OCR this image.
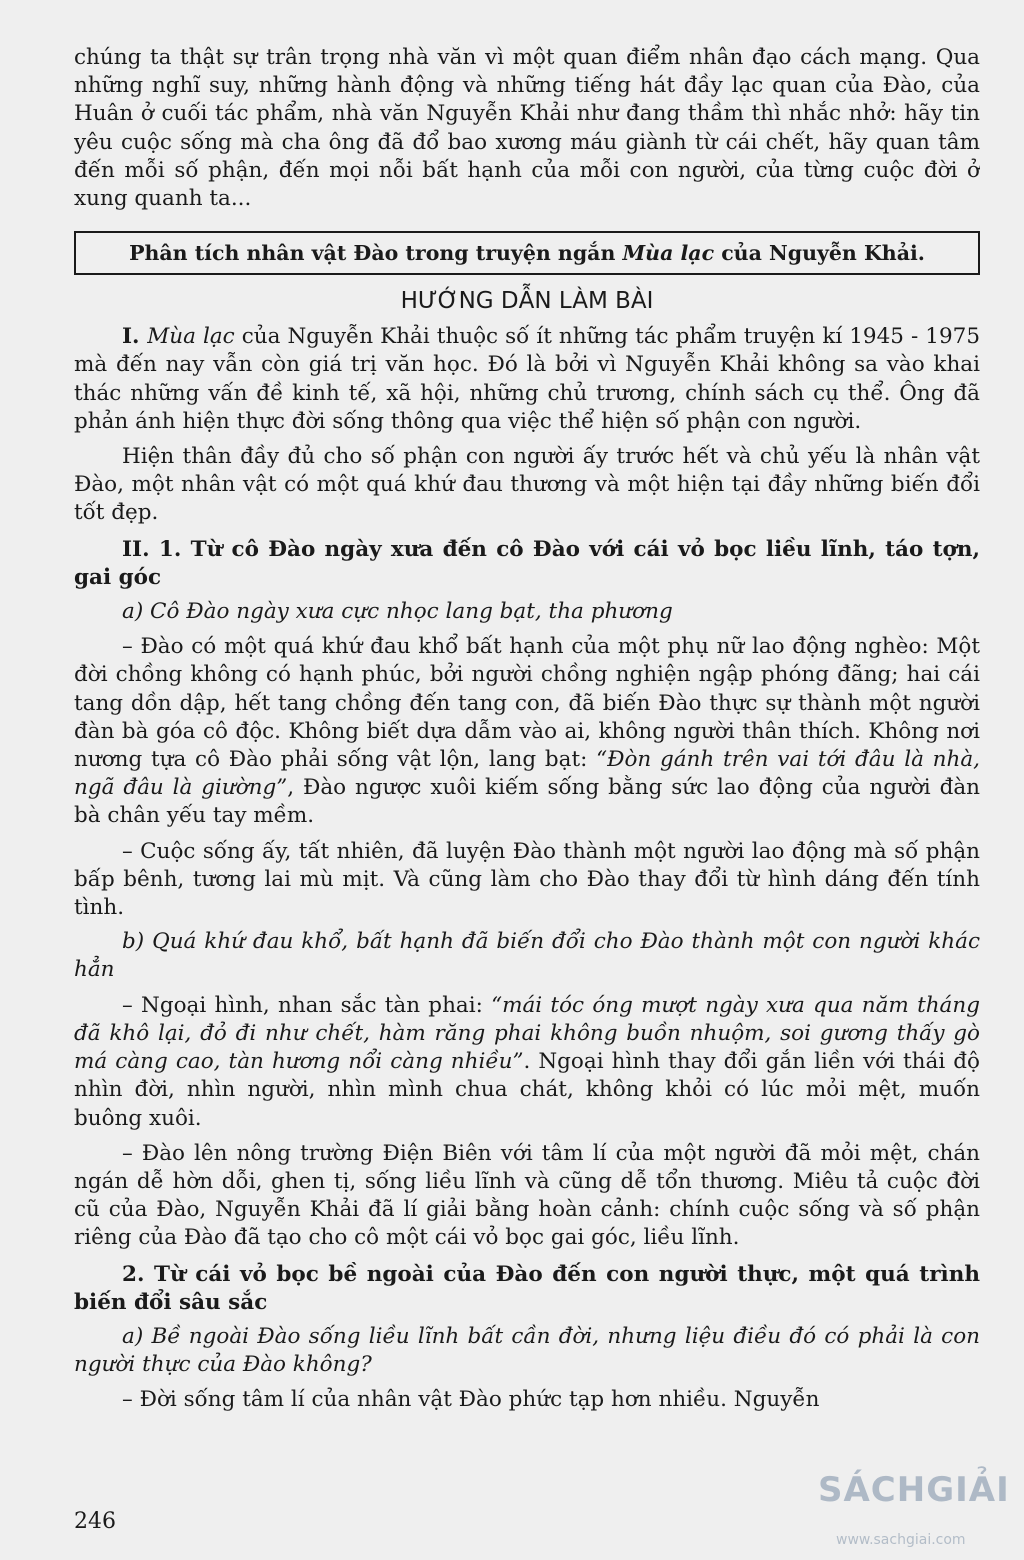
chúng ta thật sự trân trọng nhà văn vì một quan điểm nhân đạo cách mạng. Qua những nghĩ suy, những hành động và những tiếng hát đầy lạc quan của Đào, của Huân ở cuối tác phẩm, nhà văn Nguyễn Khải như đang thầm thì nhắc nhở: hãy tin yêu cuộc sống mà cha ông đã đổ bao xương máu giành từ cái chết, hãy quan tâm đến mỗi số phận, đến mọi nỗi bất hạnh của mỗi con người, của từng cuộc đời ở xung quanh ta...

Phân tích nhân vật Đào trong truyện ngắn Mùa lạc của Nguyễn Khải.
HƯỚNG DẪN LÀM BÀI

I. Mùa lạc của Nguyễn Khải thuộc số ít những tác phẩm truyện kí 1945 - 1975 mà đến nay vẫn còn giá trị văn học. Đó là bởi vì Nguyễn Khải không sa vào khai thác những vấn đề kinh tế, xã hội, những chủ trương, chính sách cụ thể. Ông đã phản ánh hiện thực đời sống thông qua việc thể hiện số phận con người.

Hiện thân đầy đủ cho số phận con người ấy trước hết và chủ yếu là nhân vật Đào, một nhân vật có một quá khứ đau thương và một hiện tại đầy những biến đổi tốt đẹp.

II. 1. Từ cô Đào ngày xưa đến cô Đào với cái vỏ bọc liều lĩnh, táo tợn, gai góc

a) Cô Đào ngày xưa cực nhọc lang bạt, tha phương

– Đào có một quá khứ đau khổ bất hạnh của một phụ nữ lao động nghèo: Một đời chồng không có hạnh phúc, bởi người chồng nghiện ngập phóng đãng; hai cái tang dồn dập, hết tang chồng đến tang con, đã biến Đào thực sự thành một người đàn bà góa cô độc. Không biết dựa dẫm vào ai, không người thân thích. Không nơi nương tựa cô Đào phải sống vật lộn, lang bạt: “Đòn gánh trên vai tới đâu là nhà, ngã đâu là giường”, Đào ngược xuôi kiếm sống bằng sức lao động của người đàn bà chân yếu tay mềm.

– Cuộc sống ấy, tất nhiên, đã luyện Đào thành một người lao động mà số phận bấp bênh, tương lai mù mịt. Và cũng làm cho Đào thay đổi từ hình dáng đến tính tình.

b) Quá khứ đau khổ, bất hạnh đã biến đổi cho Đào thành một con người khác hẳn

– Ngoại hình, nhan sắc tàn phai: “mái tóc óng mượt ngày xưa qua năm tháng đã khô lại, đỏ đi như chết, hàm răng phai không buồn nhuộm, soi gương thấy gò má càng cao, tàn hương nổi càng nhiều”. Ngoại hình thay đổi gắn liền với thái độ nhìn đời, nhìn người, nhìn mình chua chát, không khỏi có lúc mỏi mệt, muốn buông xuôi.

– Đào lên nông trường Điện Biên với tâm lí của một người đã mỏi mệt, chán ngán dễ hờn dỗi, ghen tị, sống liều lĩnh và cũng dễ tổn thương. Miêu tả cuộc đời cũ của Đào, Nguyễn Khải đã lí giải bằng hoàn cảnh: chính cuộc sống và số phận riêng của Đào đã tạo cho cô một cái vỏ bọc gai góc, liều lĩnh.

2. Từ cái vỏ bọc bề ngoài của Đào đến con người thực, một quá trình biến đổi sâu sắc

a) Bề ngoài Đào sống liều lĩnh bất cần đời, nhưng liệu điều đó có phải là con người thực của Đào không?

– Đời sống tâm lí của nhân vật Đào phức tạp hơn nhiều. Nguyễn

246
SÁCHGIẢI
www.sachgiai.com
